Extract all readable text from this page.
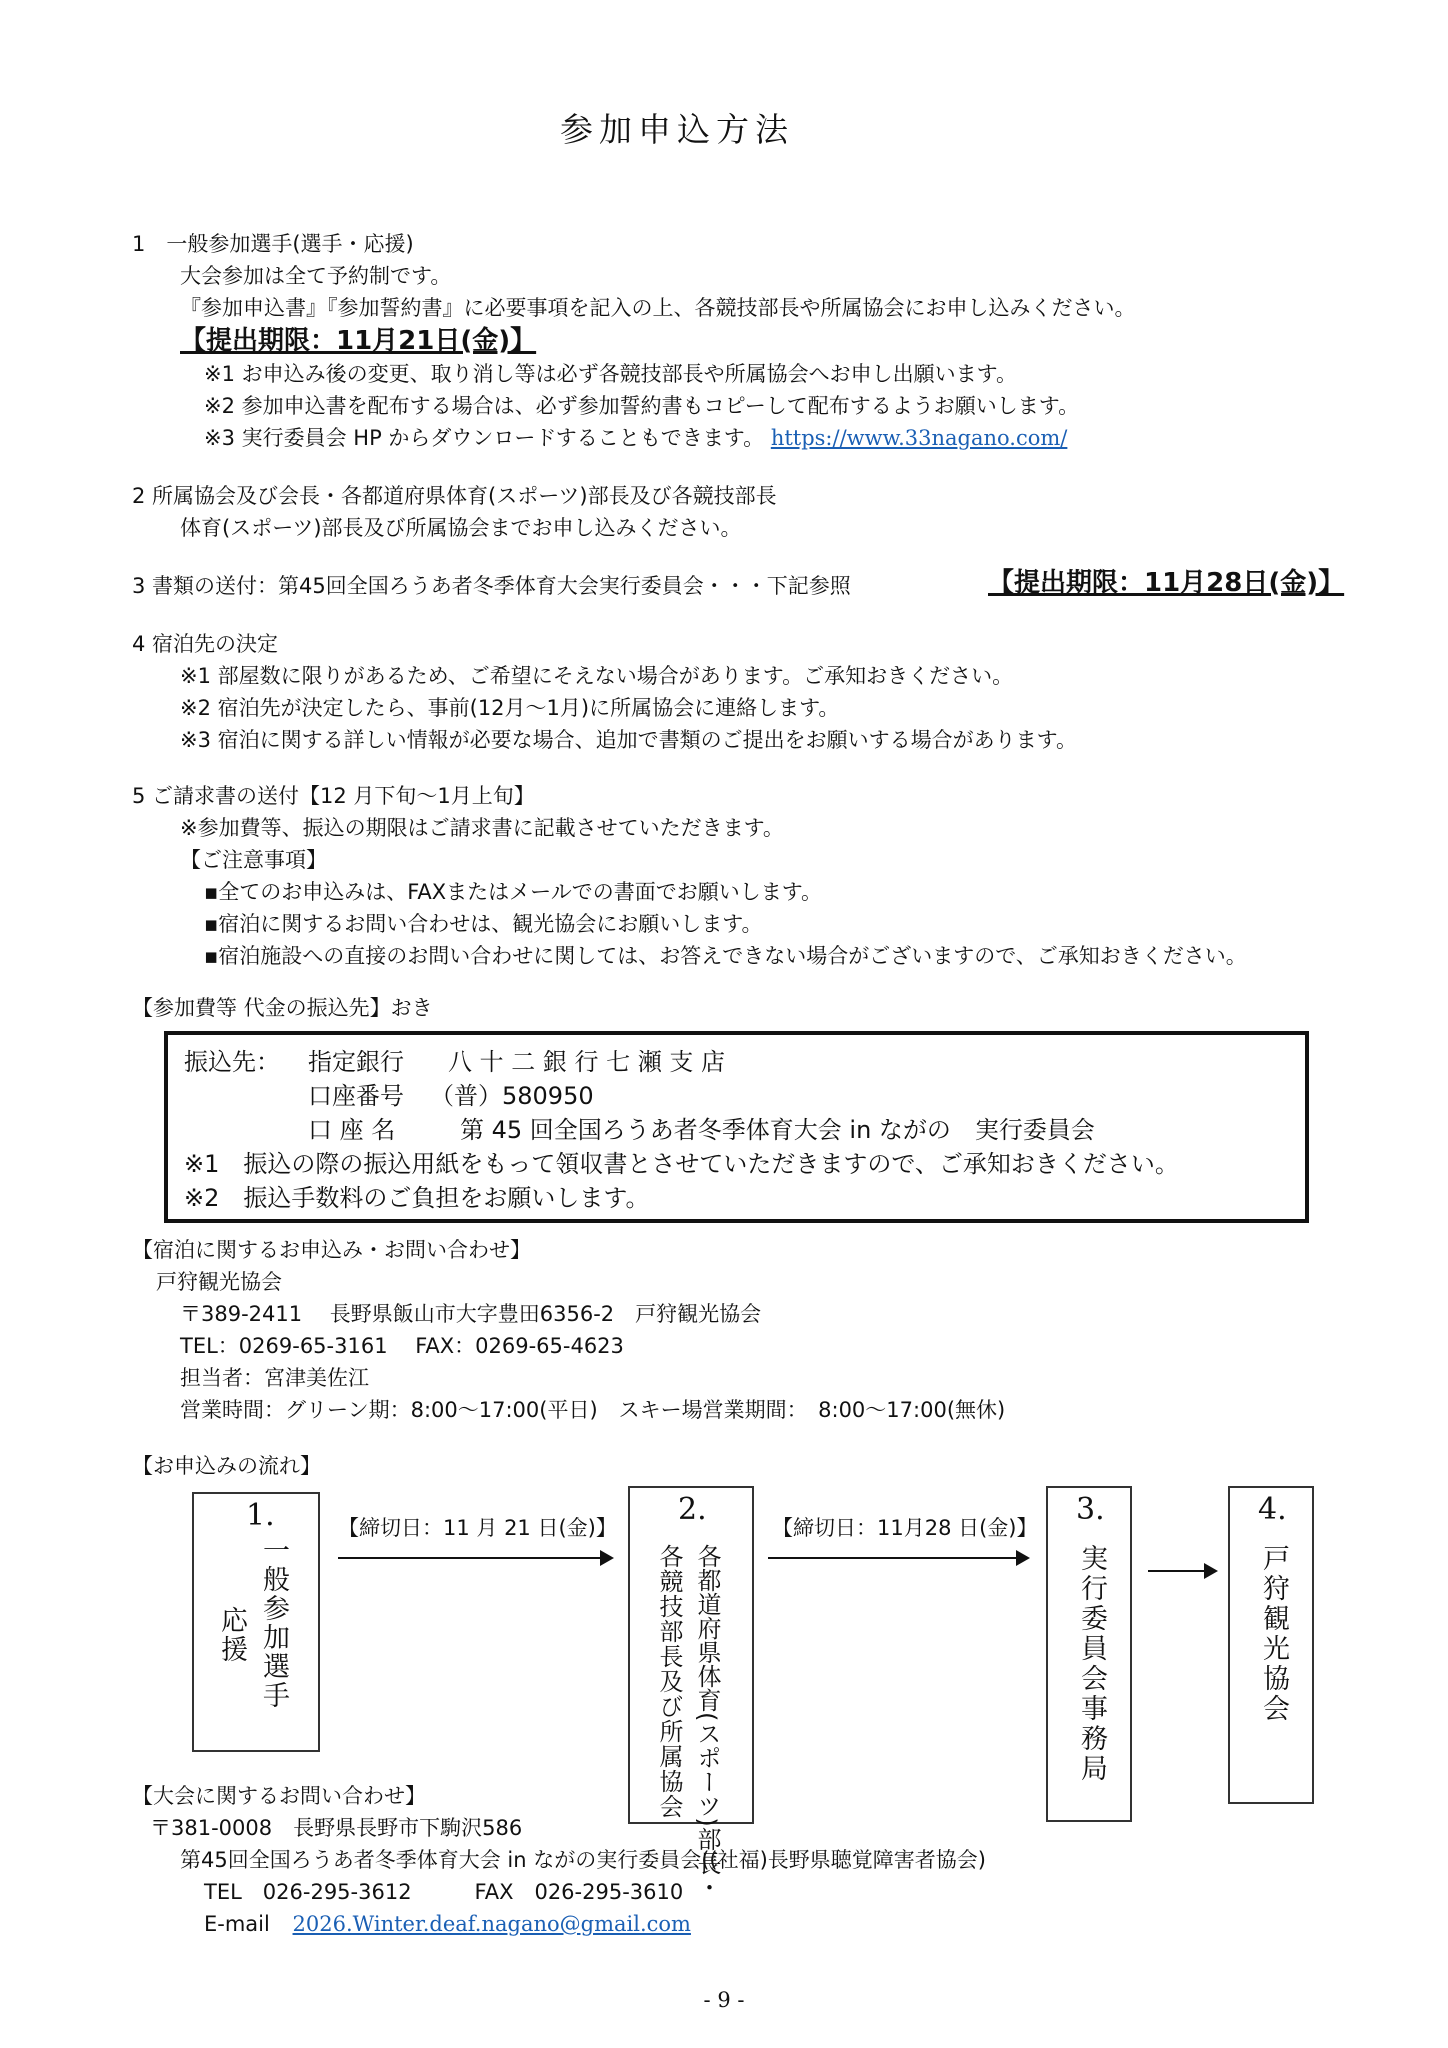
参加申込方法
1　一般参加選手(選手・応援)
大会参加は全て予約制です。
『参加申込書』『参加誓約書』に必要事項を記入の上、各競技部長や所属協会にお申し込みください。
【提出期限：11月21日(金)】
※1 お申込み後の変更、取り消し等は必ず各競技部長や所属協会へお申し出願います。
※2 参加申込書を配布する場合は、必ず参加誓約書もコピーして配布するようお願いします。
※3 実行委員会 HP からダウンロードすることもできます。 https://www.33nagano.com/
2 所属協会及び会長・各都道府県体育(スポーツ)部長及び各競技部長
体育(スポーツ)部長及び所属協会までお申し込みください。
3 書類の送付：第45回全国ろうあ者冬季体育大会実行委員会・・・下記参照	【提出期限：11月28日(金)】
4 宿泊先の決定
※1 部屋数に限りがあるため、ご希望にそえない場合があります。ご承知おきください。
※2 宿泊先が決定したら、事前(12月～1月)に所属協会に連絡します。
※3 宿泊に関する詳しい情報が必要な場合、追加で書類のご提出をお願いする場合があります。
5 ご請求書の送付【12 月下旬～1月上旬】
※参加費等、振込の期限はご請求書に記載させていただきます。
【ご注意事項】
▪全てのお申込みは、FAXまたはメールでの書面でお願いします。
▪宿泊に関するお問い合わせは、観光協会にお願いします。
▪宿泊施設への直接のお問い合わせに関しては、お答えできない場合がございますので、ご承知おきください。
【参加費等 代金の振込先】おき
振込先： 指定銀行 八 十 二 銀 行 七 瀬 支 店
口座番号 （普）580950
口 座 名	第 45 回全国ろうあ者冬季体育大会 in ながの　実行委員会
※1　振込の際の振込用紙をもって領収書とさせていただきますので、ご承知おきください。
※2　振込手数料のご負担をお願いします。
【宿泊に関するお申込み・お問い合わせ】
戸狩観光協会
〒389-2411　 長野県飯山市大字豊田6356-2　戸狩観光協会
TEL：0269-65-3161　 FAX：0269-65-4623
担当者：宮津美佐江
営業時間：グリーン期：8:00～17:00(平日)　スキー場営業期間：　8:00～17:00(無休)
【お申込みの流れ】
1.
一般参加選手
応援
【締切日：11 月 21 日(金)】
2.
各都道府県体育(スポーツ)部長・
各競技部長及び所属協会
【締切日：11月28 日(金)】
3.
実行委員会事務局
4.
戸狩観光協会
【大会に関するお問い合わせ】
〒381-0008　長野県長野市下駒沢586
第45回全国ろうあ者冬季体育大会 in ながの実行委員会((社福)長野県聴覚障害者協会)
TEL　026-295-3612　　　FAX　026-295-3610
E-mail 2026.Winter.deaf.nagano@gmail.com
- 9 -
